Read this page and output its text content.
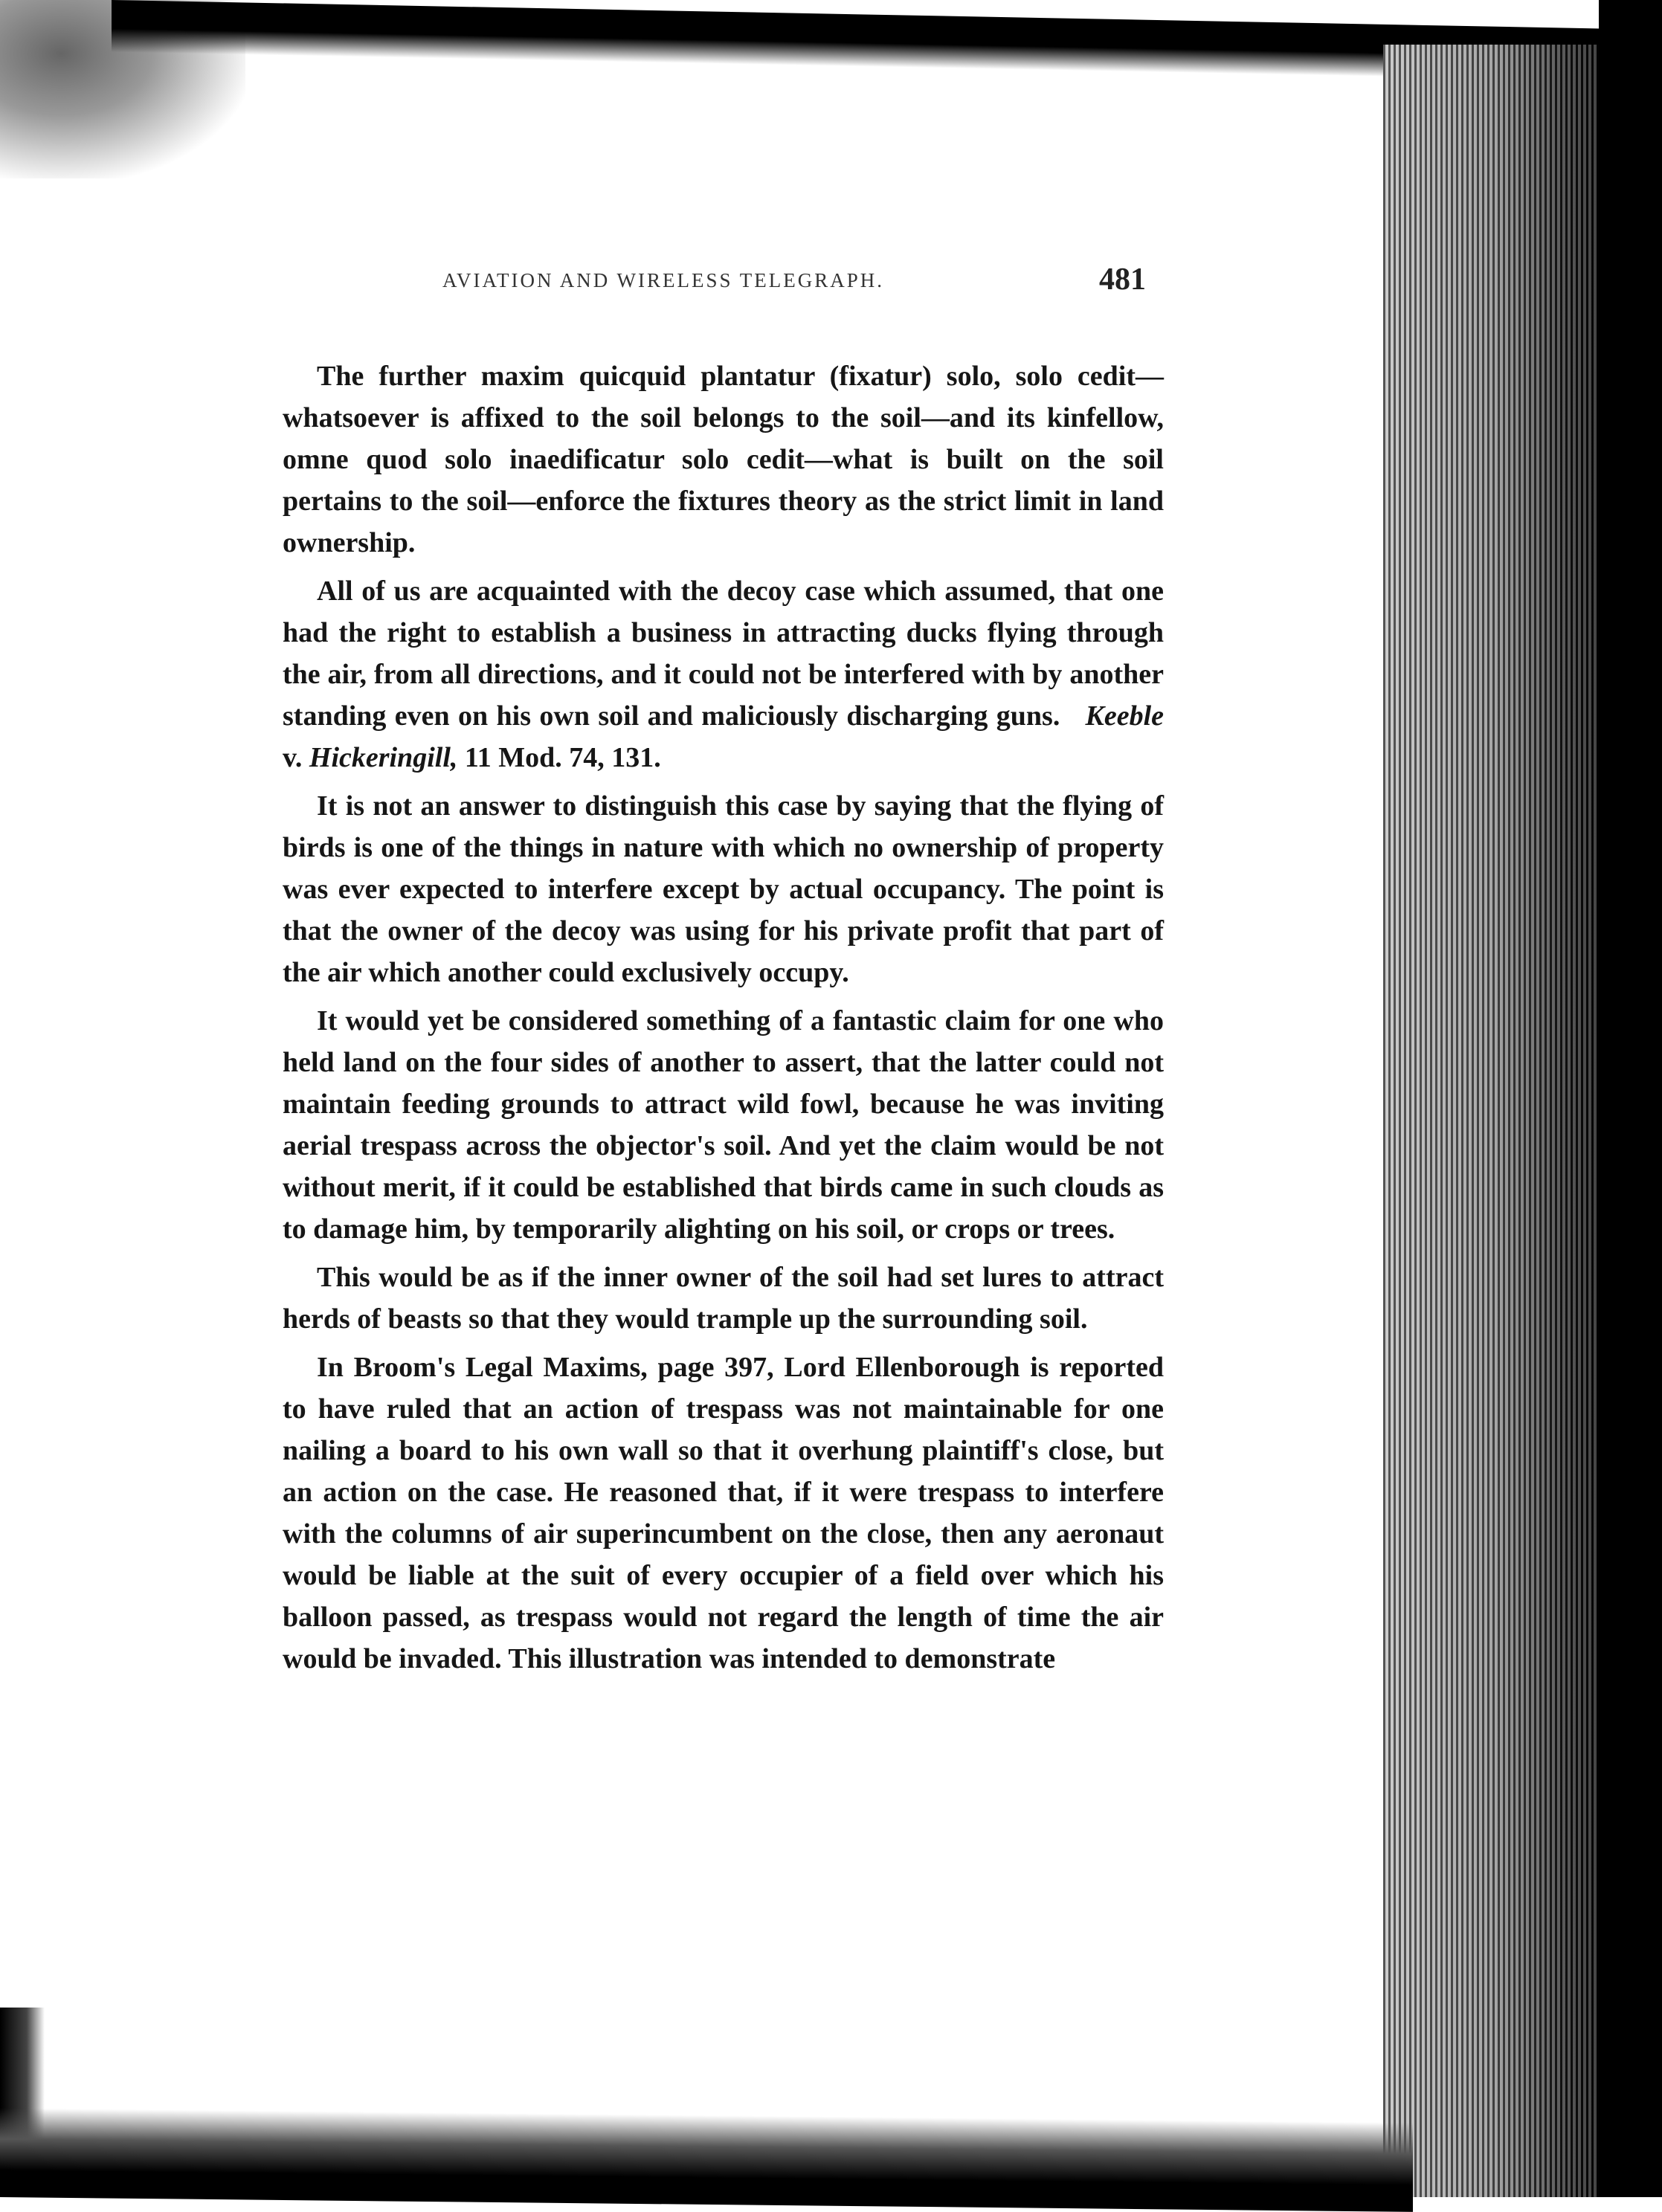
AVIATION AND WIRELESS TELEGRAPH.	481

The further maxim quicquid plantatur (fixatur) solo, solo cedit—whatsoever is affixed to the soil belongs to the soil—and its kinfellow, omne quod solo inaedificatur solo cedit—what is built on the soil pertains to the soil—enforce the fixtures theory as the strict limit in land ownership.

All of us are acquainted with the decoy case which assumed, that one had the right to establish a business in attracting ducks flying through the air, from all directions, and it could not be interfered with by another standing even on his own soil and maliciously discharging guns. Keeble v. Hickeringill, 11 Mod. 74, 131.

It is not an answer to distinguish this case by saying that the flying of birds is one of the things in nature with which no ownership of property was ever expected to interfere except by actual occupancy. The point is that the owner of the decoy was using for his private profit that part of the air which another could exclusively occupy.

It would yet be considered something of a fantastic claim for one who held land on the four sides of another to assert, that the latter could not maintain feeding grounds to attract wild fowl, because he was inviting aerial trespass across the objector's soil. And yet the claim would be not without merit, if it could be established that birds came in such clouds as to damage him, by temporarily alighting on his soil, or crops or trees.

This would be as if the inner owner of the soil had set lures to attract herds of beasts so that they would trample up the surrounding soil.

In Broom's Legal Maxims, page 397, Lord Ellenborough is reported to have ruled that an action of trespass was not maintainable for one nailing a board to his own wall so that it overhung plaintiff's close, but an action on the case. He reasoned that, if it were trespass to interfere with the columns of air superincumbent on the close, then any aeronaut would be liable at the suit of every occupier of a field over which his balloon passed, as trespass would not regard the length of time the air would be invaded. This illustration was intended to demonstrate
